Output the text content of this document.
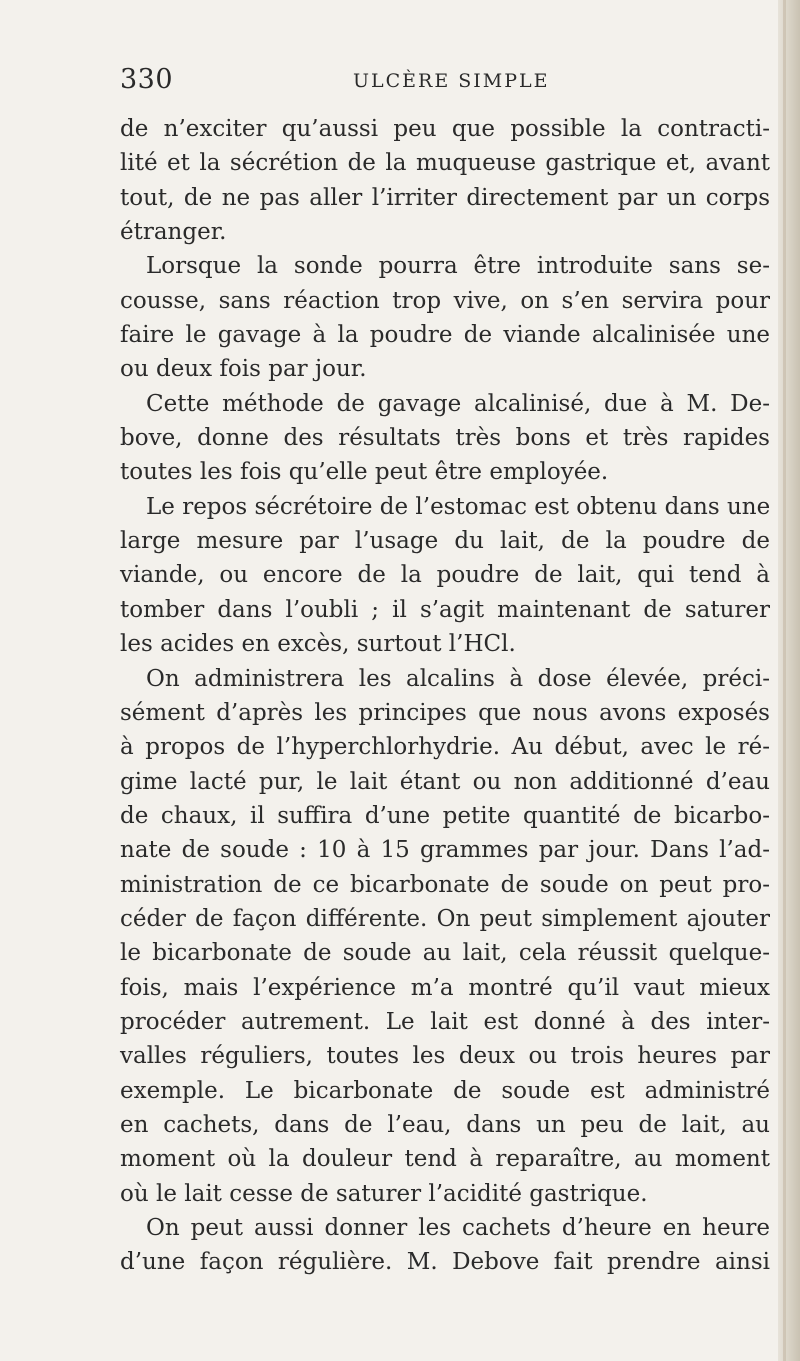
330	ULCÈRE SIMPLE
de n’exciter qu’aussi peu que possible la contracti-
lité et la sécrétion de la muqueuse gastrique et, avant
tout, de ne pas aller l’irriter directement par un corps
étranger.
Lorsque la sonde pourra être introduite sans se-
cousse, sans réaction trop vive, on s’en servira pour
faire le gavage à la poudre de viande alcalinisée une
ou deux fois par jour.
Cette méthode de gavage alcalinisé, due à M. De-
bove, donne des résultats très bons et très rapides
toutes les fois qu’elle peut être employée.
Le repos sécrétoire de l’estomac est obtenu dans une
large mesure par l’usage du lait, de la poudre de
viande, ou encore de la poudre de lait, qui tend à
tomber dans l’oubli ; il s’agit maintenant de saturer
les acides en excès, surtout l’HCl.
On administrera les alcalins à dose élevée, préci-
sément d’après les principes que nous avons exposés
à propos de l’hyperchlorhydrie. Au début, avec le ré-
gime lacté pur, le lait étant ou non additionné d’eau
de chaux, il suffira d’une petite quantité de bicarbo-
nate de soude : 10 à 15 grammes par jour. Dans l’ad-
ministration de ce bicarbonate de soude on peut pro-
céder de façon différente. On peut simplement ajouter
le bicarbonate de soude au lait, cela réussit quelque-
fois, mais l’expérience m’a montré qu’il vaut mieux
procéder autrement. Le lait est donné à des inter-
valles réguliers, toutes les deux ou trois heures par
exemple. Le bicarbonate de soude est administré
en cachets, dans de l’eau, dans un peu de lait, au
moment où la douleur tend à reparaître, au moment
où le lait cesse de saturer l’acidité gastrique.
On peut aussi donner les cachets d’heure en heure
d’une façon régulière. M. Debove fait prendre ainsi
